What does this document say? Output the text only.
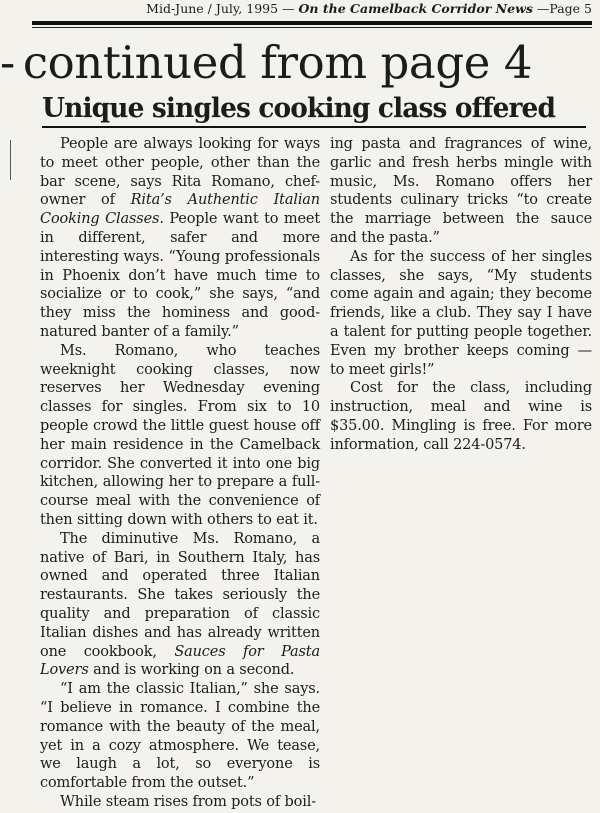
Mid-June / July, 1995 — On the Camelback Corridor News —Page 5
- continued from page 4
Unique singles cooking class offered

People are always looking for ways to meet other people, other than the bar scene, says Rita Romano, chef-owner of Rita’s Authentic Italian Cooking Classes. People want to meet in different, safer and more interesting ways. “Young professionals in Phoenix don’t have much time to socialize or to cook,” she says, “and they miss the hominess and good-natured banter of a family.”

Ms. Romano, who teaches weeknight cooking classes, now reserves her Wednesday evening classes for singles. From six to 10 people crowd the little guest house off her main residence in the Camelback corridor. She converted it into one big kitchen, allowing her to prepare a full-course meal with the convenience of then sitting down with others to eat it.

The diminutive Ms. Romano, a native of Bari, in Southern Italy, has owned and operated three Italian restaurants. She takes seriously the quality and preparation of classic Italian dishes and has already written one cookbook, Sauces for Pasta Lovers and is working on a second.

“I am the classic Italian,” she says. “I believe in romance. I combine the romance with the beauty of the meal, yet in a cozy atmosphere. We tease, we laugh a lot, so everyone is comfortable from the outset.”

While steam rises from pots of boil-

ing pasta and fragrances of wine, garlic and fresh herbs mingle with music, Ms. Romano offers her students culinary tricks “to create the marriage between the sauce and the pasta.”

As for the success of her singles classes, she says, “My students come again and again; they become friends, like a club. They say I have a talent for putting people together. Even my brother keeps coming — to meet girls!”

Cost for the class, including instruction, meal and wine is $35.00. Mingling is free. For more information, call 224-0574.
